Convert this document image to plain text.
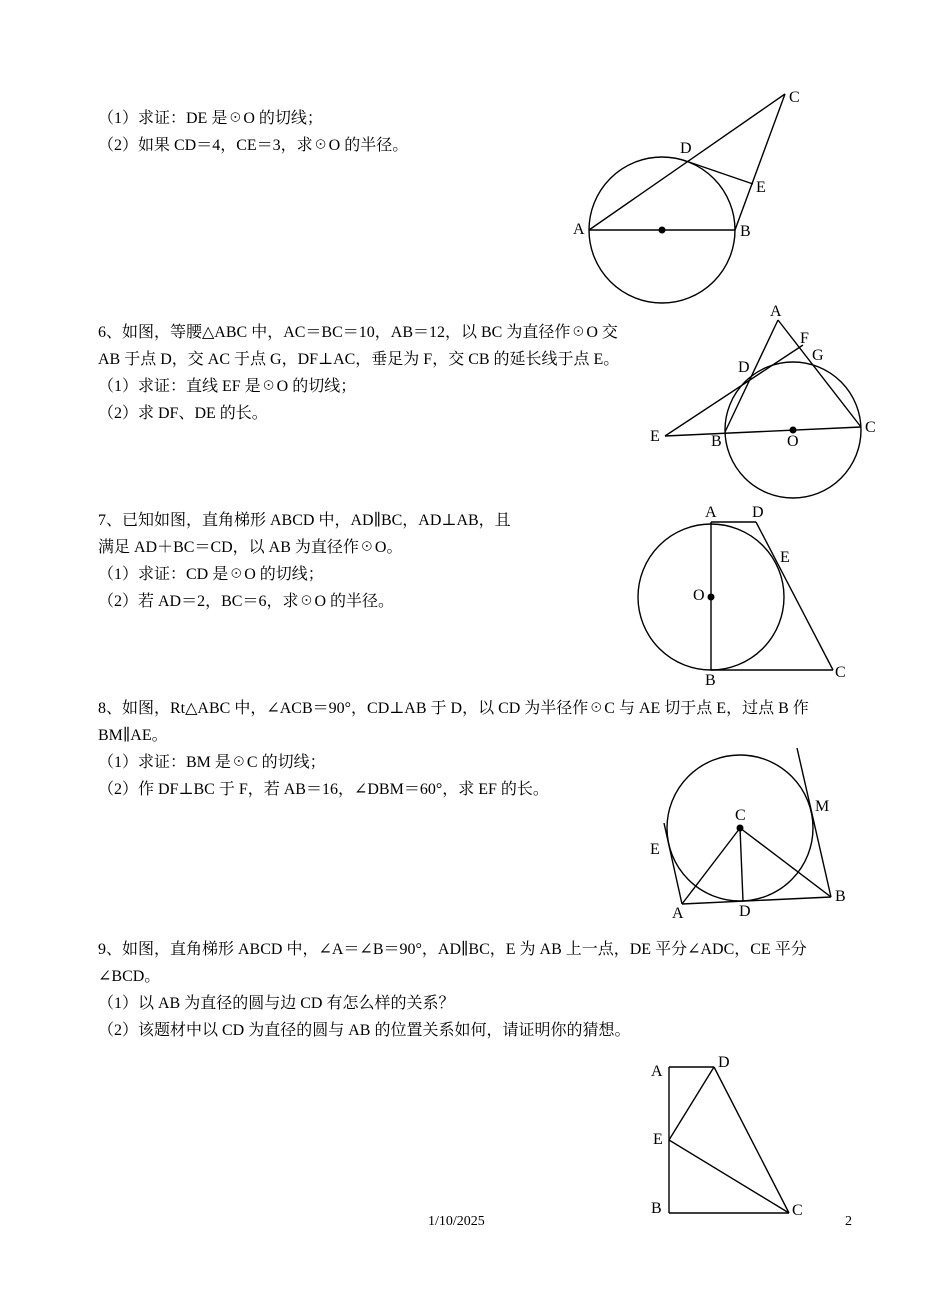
（1）求证：DE 是☉O 的切线；
（2）如果 CD＝4，CE＝3，求☉O 的半径。
C
D
E
A	B
6、如图，等腰△ABC 中，AC＝BC＝10，AB＝12，以 BC 为直径作☉O 交
AB 于点 D，交 AC 于点 G，DF⊥AC，垂足为 F，交 CB 的延长线于点 E。
（1）求证：直线 EF 是☉O 的切线；
（2）求 DF、DE 的长。
A
F
G
D
C
E	B	O
7、已知如图，直角梯形 ABCD 中，AD∥BC，AD⊥AB，且
满足 AD＋BC＝CD，以 AB 为直径作☉O。
（1）求证：CD 是☉O 的切线；
（2）若 AD＝2，BC＝6，求☉O 的半径。
A D
E
O
B	C
8、如图，Rt△ABC 中，∠ACB＝90°，CD⊥AB 于 D，以 CD 为半径作☉C 与 AE 切于点 E，过点 B 作
BM∥AE。
（1）求证：BM 是☉C 的切线；
（2）作 DF⊥BC 于 F，若 AB＝16，∠DBM＝60°，求 EF 的长。
C
M
E
A	D
B
9、如图，直角梯形 ABCD 中，∠A＝∠B＝90°，AD∥BC，E 为 AB 上一点，DE 平分∠ADC，CE 平分
∠BCD。
（1）以 AB 为直径的圆与边 CD 有怎么样的关系？
（2）该题材中以 CD 为直径的圆与 AB 的位置关系如何，请证明你的猜想。
A
D
E
B	C
1/10/2025	2
